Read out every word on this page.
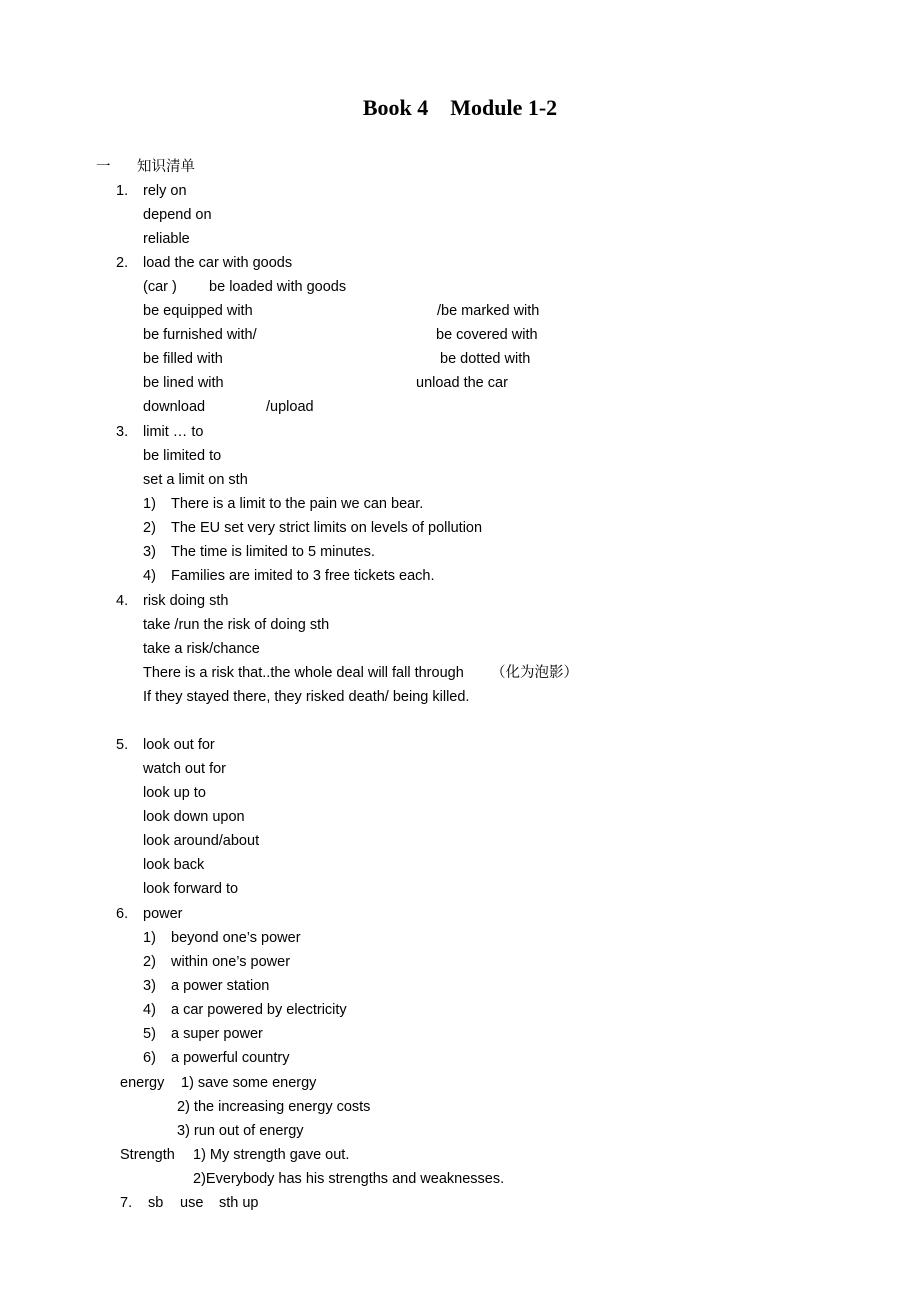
Book 4    Module 1-2
一 知识清单
1. rely on
depend on
reliable
2. load the car with goods
(car )        be loaded with goods
be equipped with	/be marked with
be furnished with/	be covered with
be filled with	be dotted with
be lined with	unload the car
download	/upload
3. limit … to
be limited to
set a limit on sth
1) There is a limit to the pain we can bear.
2) The EU set very strict limits on levels of pollution
3) The time is limited to 5 minutes.
4) Families are imited to 3 free tickets each.
4. risk doing sth
take /run the risk of doing sth
take a risk/chance
There is a risk that..the whole deal will fall through （化为泡影）
If they stayed there, they risked death/ being killed.
5. look out for
watch out for
look up to
look down upon
look around/about
look back
look forward to
6. power
1) beyond one’s power
2) within one’s power
3) a power station
4) a car powered by electricity
5) a super power
6) a powerful country
energy 1) save some energy
2) the increasing energy costs
3) run out of energy
Strength 1) My strength gave out.
2)Everybody has his strengths and weaknesses.
7. sb use sth up
